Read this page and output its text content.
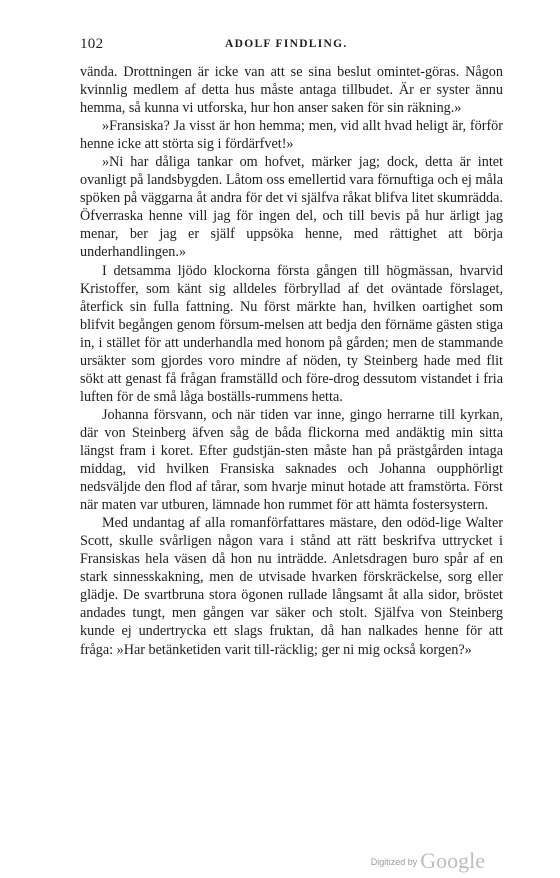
102	ADOLF FINDLING.

vända. Drottningen är icke van att se sina beslut omintet-göras. Någon kvinnlig medlem af detta hus måste antaga tillbudet. Är er syster ännu hemma, så kunna vi utforska, hur hon anser saken för sin räkning.»

»Fransiska? Ja visst är hon hemma; men, vid allt hvad heligt är, förför henne icke att störta sig i fördärfvet!»

»Ni har dåliga tankar om hofvet, märker jag; dock, detta är intet ovanligt på landsbygden. Låtom oss emellertid vara förnuftiga och ej måla spöken på väggarna åt andra för det vi själfva råkat blifva litet skumrädda. Öfverraska henne vill jag för ingen del, och till bevis på hur ärligt jag menar, ber jag er själf uppsöka henne, med rättighet att börja underhandlingen.»

I detsamma ljödo klockorna första gången till högmässan, hvarvid Kristoffer, som känt sig alldeles förbryllad af det oväntade förslaget, återfick sin fulla fattning. Nu först märkte han, hvilken oartighet som blifvit begången genom försum-melsen att bedja den förnäme gästen stiga in, i stället för att underhandla med honom på gården; men de stammande ursäkter som gjordes voro mindre af nöden, ty Steinberg hade med flit sökt att genast få frågan framställd och före-drog dessutom vistandet i fria luften för de små låga boställs-rummens hetta.

Johanna försvann, och när tiden var inne, gingo herrarne till kyrkan, där von Steinberg äfven såg de båda flickorna med andäktig min sitta längst fram i koret. Efter gudstjän-sten måste han på prästgården intaga middag, vid hvilken Fransiska saknades och Johanna oupphörligt nedsväljde den flod af tårar, som hvarje minut hotade att framstörta. Först när maten var utburen, lämnade hon rummet för att hämta fostersystern.

Med undantag af alla romanförfattares mästare, den odöd-lige Walter Scott, skulle svårligen någon vara i stånd att rätt beskrifva uttrycket i Fransiskas hela väsen då hon nu inträdde. Anletsdragen buro spår af en stark sinnesskakning, men de utvisade hvarken förskräckelse, sorg eller glädje. De svartbruna stora ögonen rullade långsamt åt alla sidor, bröstet andades tungt, men gången var säker och stolt. Själfva von Steinberg kunde ej undertrycka ett slags fruktan, då han nalkades henne för att fråga: »Har betänketiden varit till-räcklig; ger ni mig också korgen?»

Digitized by Google
